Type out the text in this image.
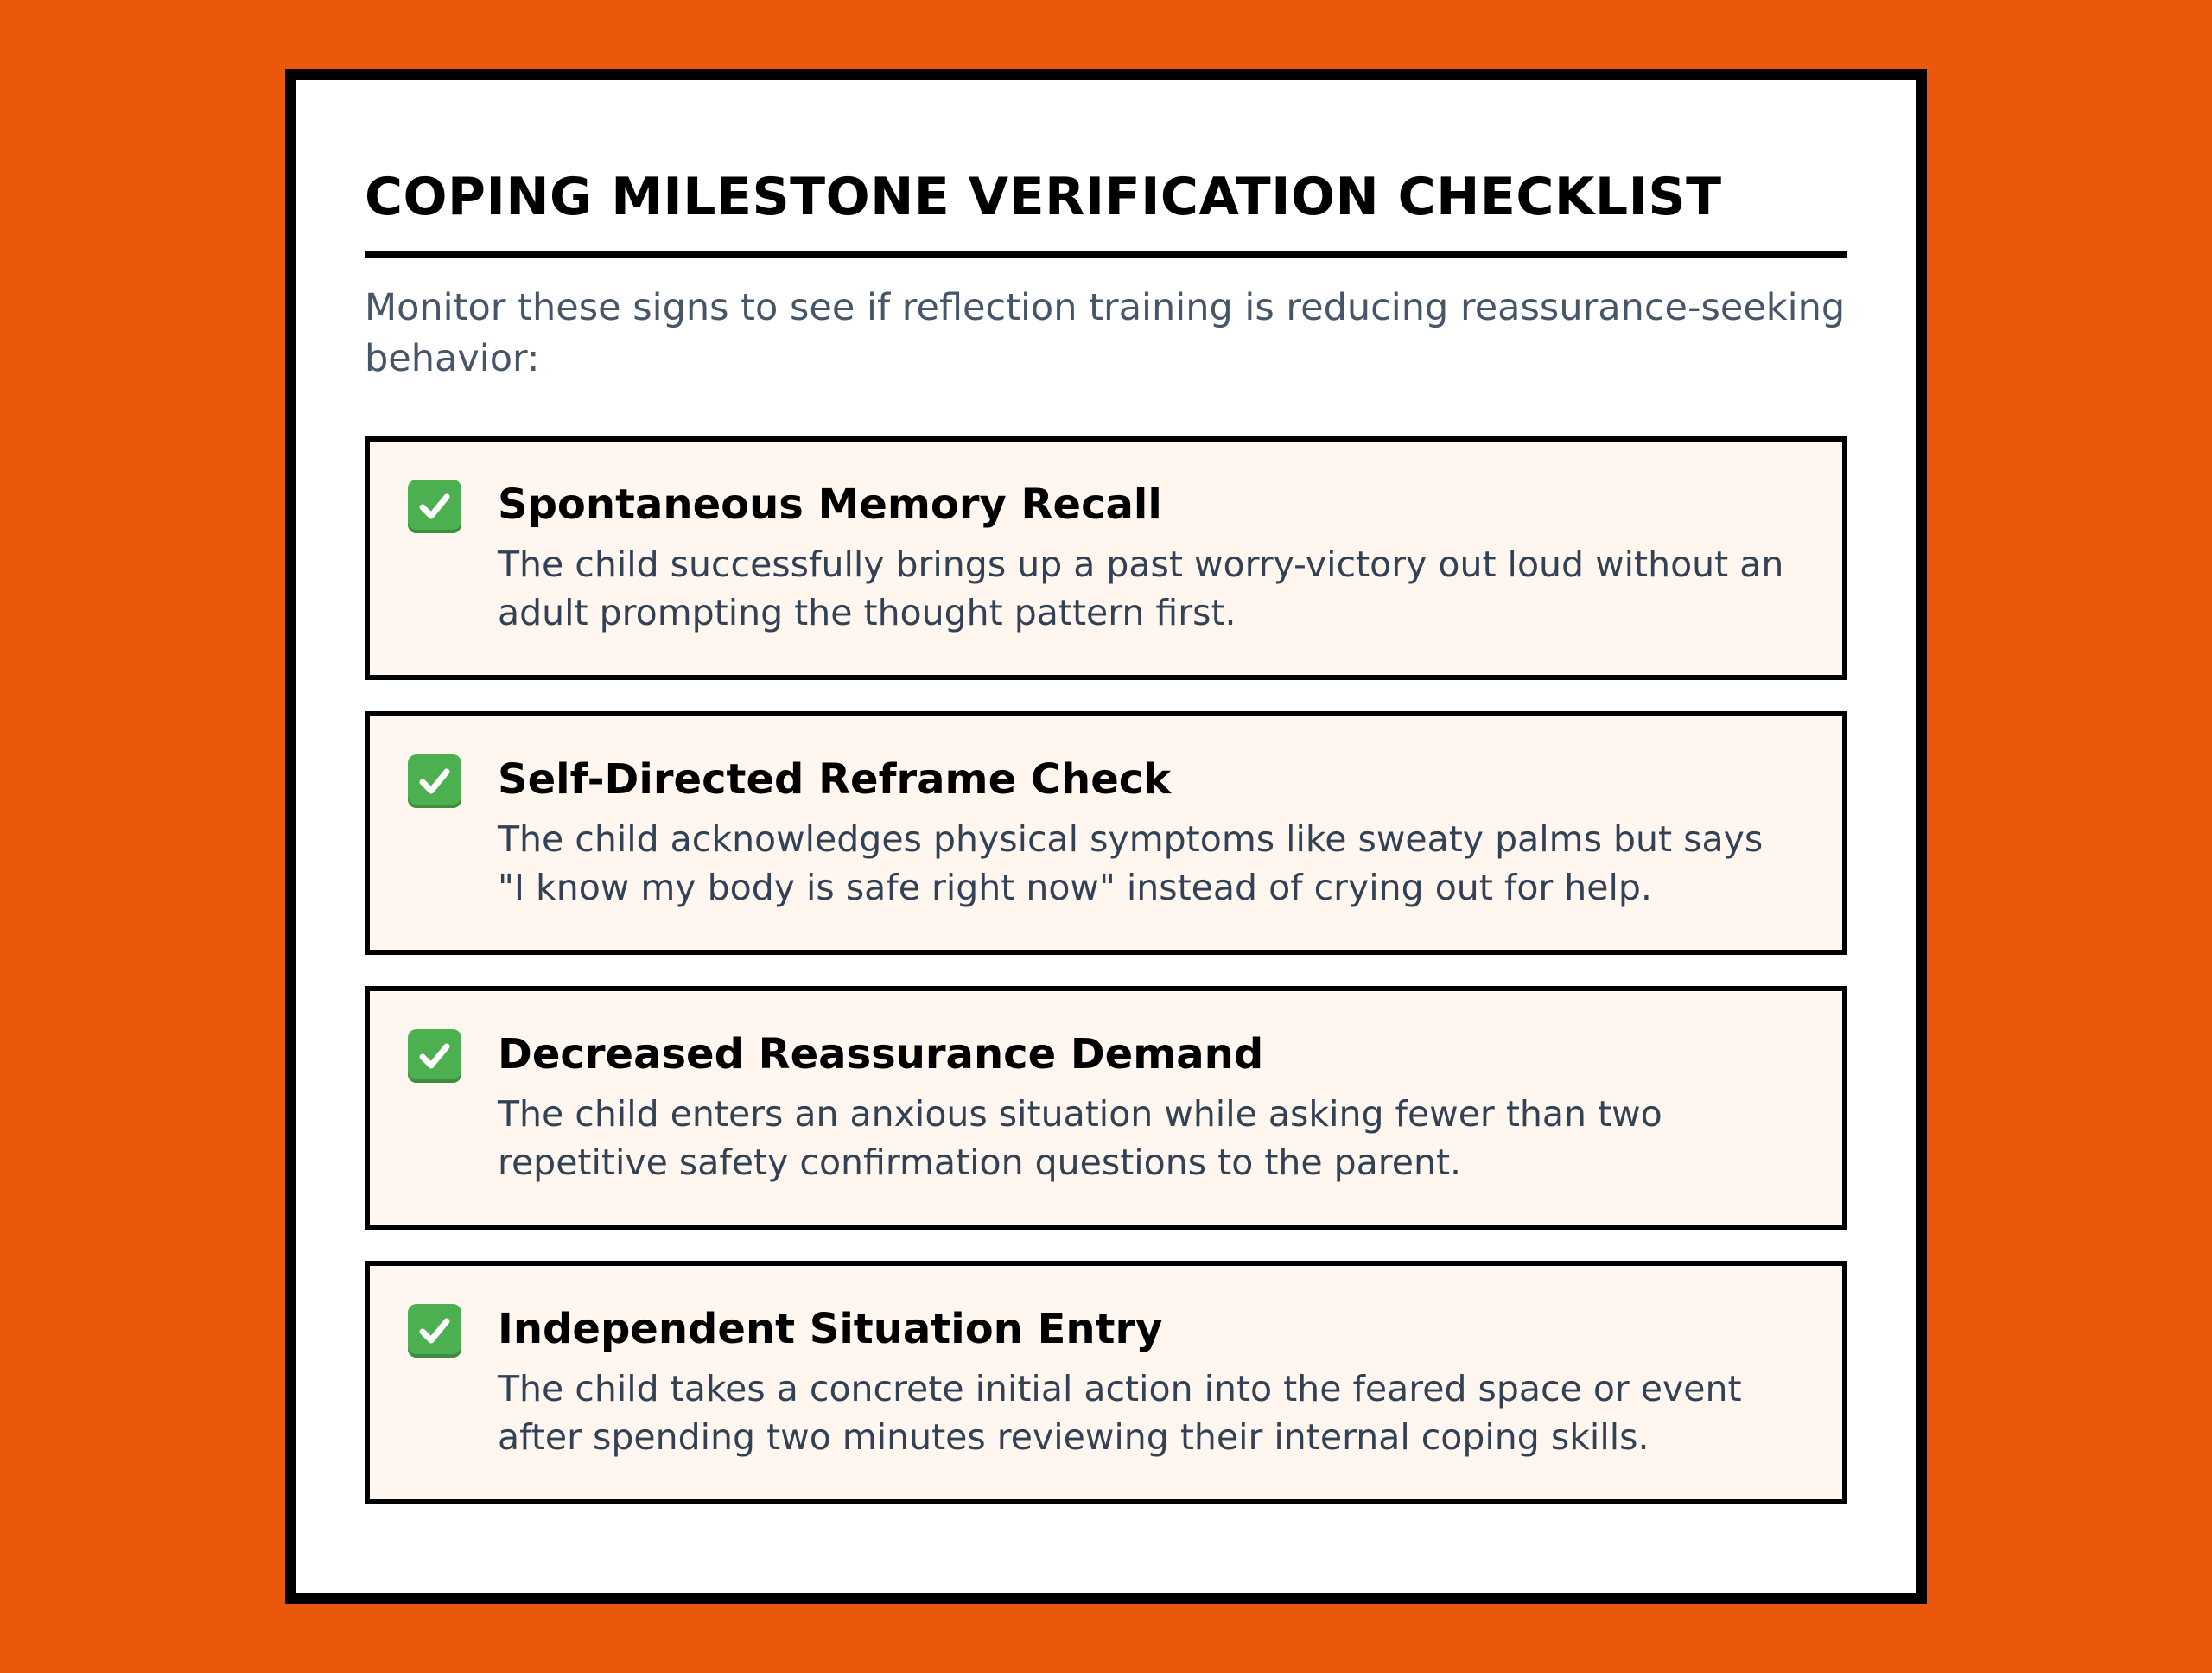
COPING MILESTONE VERIFICATION CHECKLIST

Monitor these signs to see if reflection training is reducing reassurance-seeking behavior:

Spontaneous Memory Recall
The child successfully brings up a past worry-victory out loud without an adult prompting the thought pattern first.
Self-Directed Reframe Check
The child acknowledges physical symptoms like sweaty palms but says "I know my body is safe right now" instead of crying out for help.
Decreased Reassurance Demand
The child enters an anxious situation while asking fewer than two repetitive safety confirmation questions to the parent.
Independent Situation Entry
The child takes a concrete initial action into the feared space or event after spending two minutes reviewing their internal coping skills.
